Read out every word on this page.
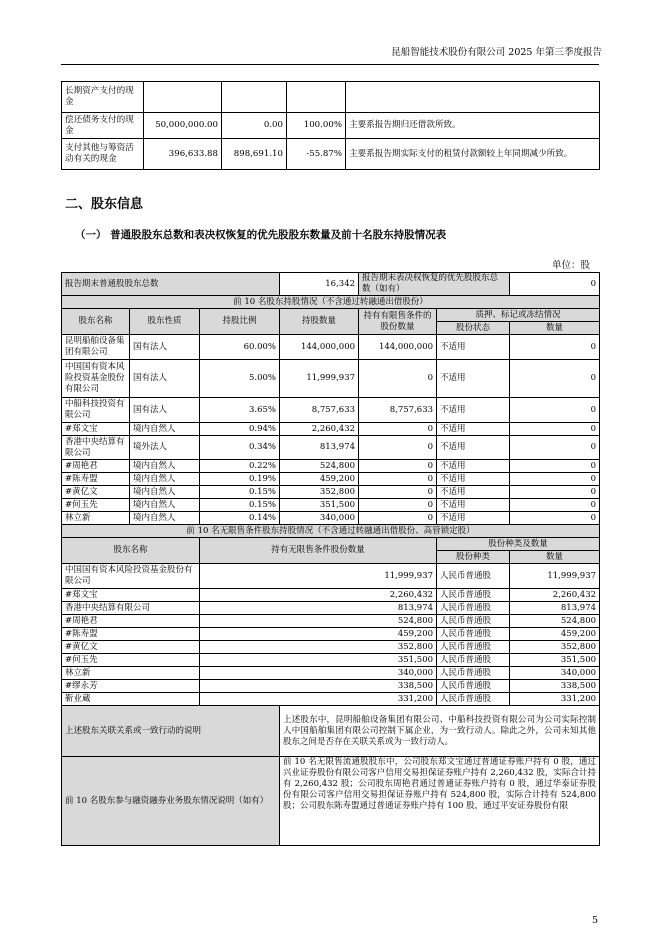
昆船智能技术股份有限公司 2025 年第三季度报告
长期资产支付的现金				
偿还债务支付的现金	50,000,000.00	0.00	100.00%	主要系报告期归还借款所致。
支付其他与筹资活动有关的现金	396,633.88	898,691.10	-55.87%	主要系报告期实际支付的租赁付款额较上年同期减少所致。
二、股东信息
（一） 普通股股东总数和表决权恢复的优先股股东数量及前十名股东持股情况表
单位：股
报告期末普通股股东总数			16,342	报告期末表决权恢复的优先股股东总数（如有）		0
前 10 名股东持股情况（不含通过转融通出借股份）						
股东名称	股东性质	持股比例	持股数量	持有有限售条件的股份数量	质押、标记或冻结情况	
					股份状态	数量
昆明船舶设备集团有限公司	国有法人	60.00%	144,000,000	144,000,000	不适用	0
中国国有资本风险投资基金股份有限公司	国有法人	5.00%	11,999,937	0	不适用	0
中船科技投资有限公司	国有法人	3.65%	8,757,633	8,757,633	不适用	0
#郑文宝	境内自然人	0.94%	2,260,432	0	不适用	0
香港中央结算有限公司	境外法人	0.34%	813,974	0	不适用	0
#周艳君	境内自然人	0.22%	524,800	0	不适用	0
#陈寿盟	境内自然人	0.19%	459,200	0	不适用	0
#黄亿文	境内自然人	0.15%	352,800	0	不适用	0
#何玉先	境内自然人	0.15%	351,500	0	不适用	0
林立新	境内自然人	0.14%	340,000	0	不适用	0
前 10 名无限售条件股东持股情况（不含通过转融通出借股份、高管锁定股）						
股东名称		持有无限售条件股份数量			股份种类及数量	
					股份种类	数量
中国国有资本风险投资基金股份有限公司		11,999,937			人民币普通股	11,999,937
#郑文宝		2,260,432			人民币普通股	2,260,432
香港中央结算有限公司		813,974			人民币普通股	813,974
#周艳君		524,800			人民币普通股	524,800
#陈寿盟		459,200			人民币普通股	459,200
#黄亿文		352,800			人民币普通股	352,800
#何玉先		351,500			人民币普通股	351,500
林立新		340,000			人民币普通股	340,000
#缪永芳		338,500			人民币普通股	338,500
靳业蔵		331,200			人民币普通股	331,200
上述股东关联关系或一致行动的说明			上述股东中，昆明船舶设备集团有限公司、中船科技投资有限公司为公司实际控制人中国船舶集团有限公司控制下属企业，为一致行动人。除此之外，公司未知其他股东之间是否存在关联关系或为一致行动人。			
前 10 名股东参与融资融券业务股东情况说明（如有）			前 10 名无限售流通股股东中，公司股东郑文宝通过普通证券账户持有 0 股，通过兴业证券股份有限公司客户信用交易担保证券账户持有 2,260,432 股，实际合计持有 2,260,432 股；公司股东周艳君通过普通证券账户持有 0 股，通过华泰证券股份有限公司客户信用交易担保证券账户持有 524,800 股，实际合计持有 524,800 股；公司股东陈寿盟通过普通证券账户持有 100 股，通过平安证券股份有限			
5
